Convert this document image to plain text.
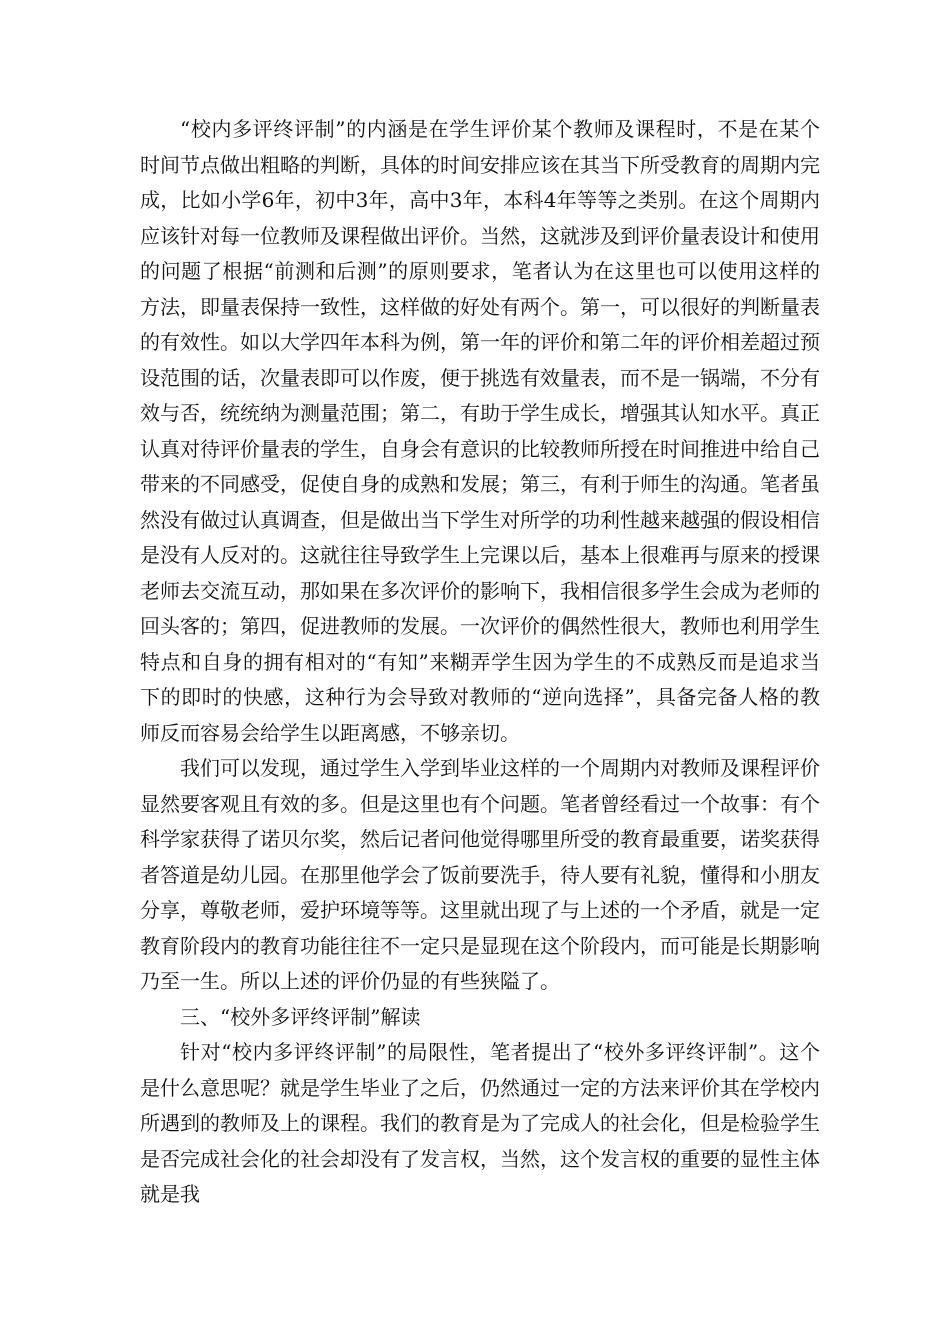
“校内多评终评制”的内涵是在学生评价某个教师及课程时，不是在某个时间节点做出粗略的判断，具体的时间安排应该在其当下所受教育的周期内完成，比如小学6年，初中3年，高中3年，本科4年等等之类别。在这个周期内应该针对每一位教师及课程做出评价。当然，这就涉及到评价量表设计和使用的问题了根据“前测和后测”的原则要求，笔者认为在这里也可以使用这样的方法，即量表保持一致性，这样做的好处有两个。第一，可以很好的判断量表的有效性。如以大学四年本科为例，第一年的评价和第二年的评价相差超过预设范围的话，次量表即可以作废，便于挑选有效量表，而不是一锅端，不分有效与否，统统纳为测量范围；第二，有助于学生成长，增强其认知水平。真正认真对待评价量表的学生，自身会有意识的比较教师所授在时间推进中给自己带来的不同感受，促使自身的成熟和发展；第三，有利于师生的沟通。笔者虽然没有做过认真调查，但是做出当下学生对所学的功利性越来越强的假设相信是没有人反对的。这就往往导致学生上完课以后，基本上很难再与原来的授课老师去交流互动，那如果在多次评价的影响下，我相信很多学生会成为老师的回头客的；第四，促进教师的发展。一次评价的偶然性很大，教师也利用学生特点和自身的拥有相对的“有知”来糊弄学生因为学生的不成熟反而是追求当下的即时的快感，这种行为会导致对教师的“逆向选择”，具备完备人格的教师反而容易会给学生以距离感，不够亲切。

我们可以发现，通过学生入学到毕业这样的一个周期内对教师及课程评价显然要客观且有效的多。但是这里也有个问题。笔者曾经看过一个故事：有个科学家获得了诺贝尔奖，然后记者问他觉得哪里所受的教育最重要，诺奖获得者答道是幼儿园。在那里他学会了饭前要洗手，待人要有礼貌，懂得和小朋友分享，尊敬老师，爱护环境等等。这里就出现了与上述的一个矛盾，就是一定教育阶段内的教育功能往往不一定只是显现在这个阶段内，而可能是长期影响乃至一生。所以上述的评价仍显的有些狭隘了。

三、“校外多评终评制”解读

针对“校内多评终评制”的局限性，笔者提出了“校外多评终评制”。这个是什么意思呢？就是学生毕业了之后，仍然通过一定的方法来评价其在学校内所遇到的教师及上的课程。我们的教育是为了完成人的社会化，但是检验学生是否完成社会化的社会却没有了发言权，当然，这个发言权的重要的显性主体就是我
